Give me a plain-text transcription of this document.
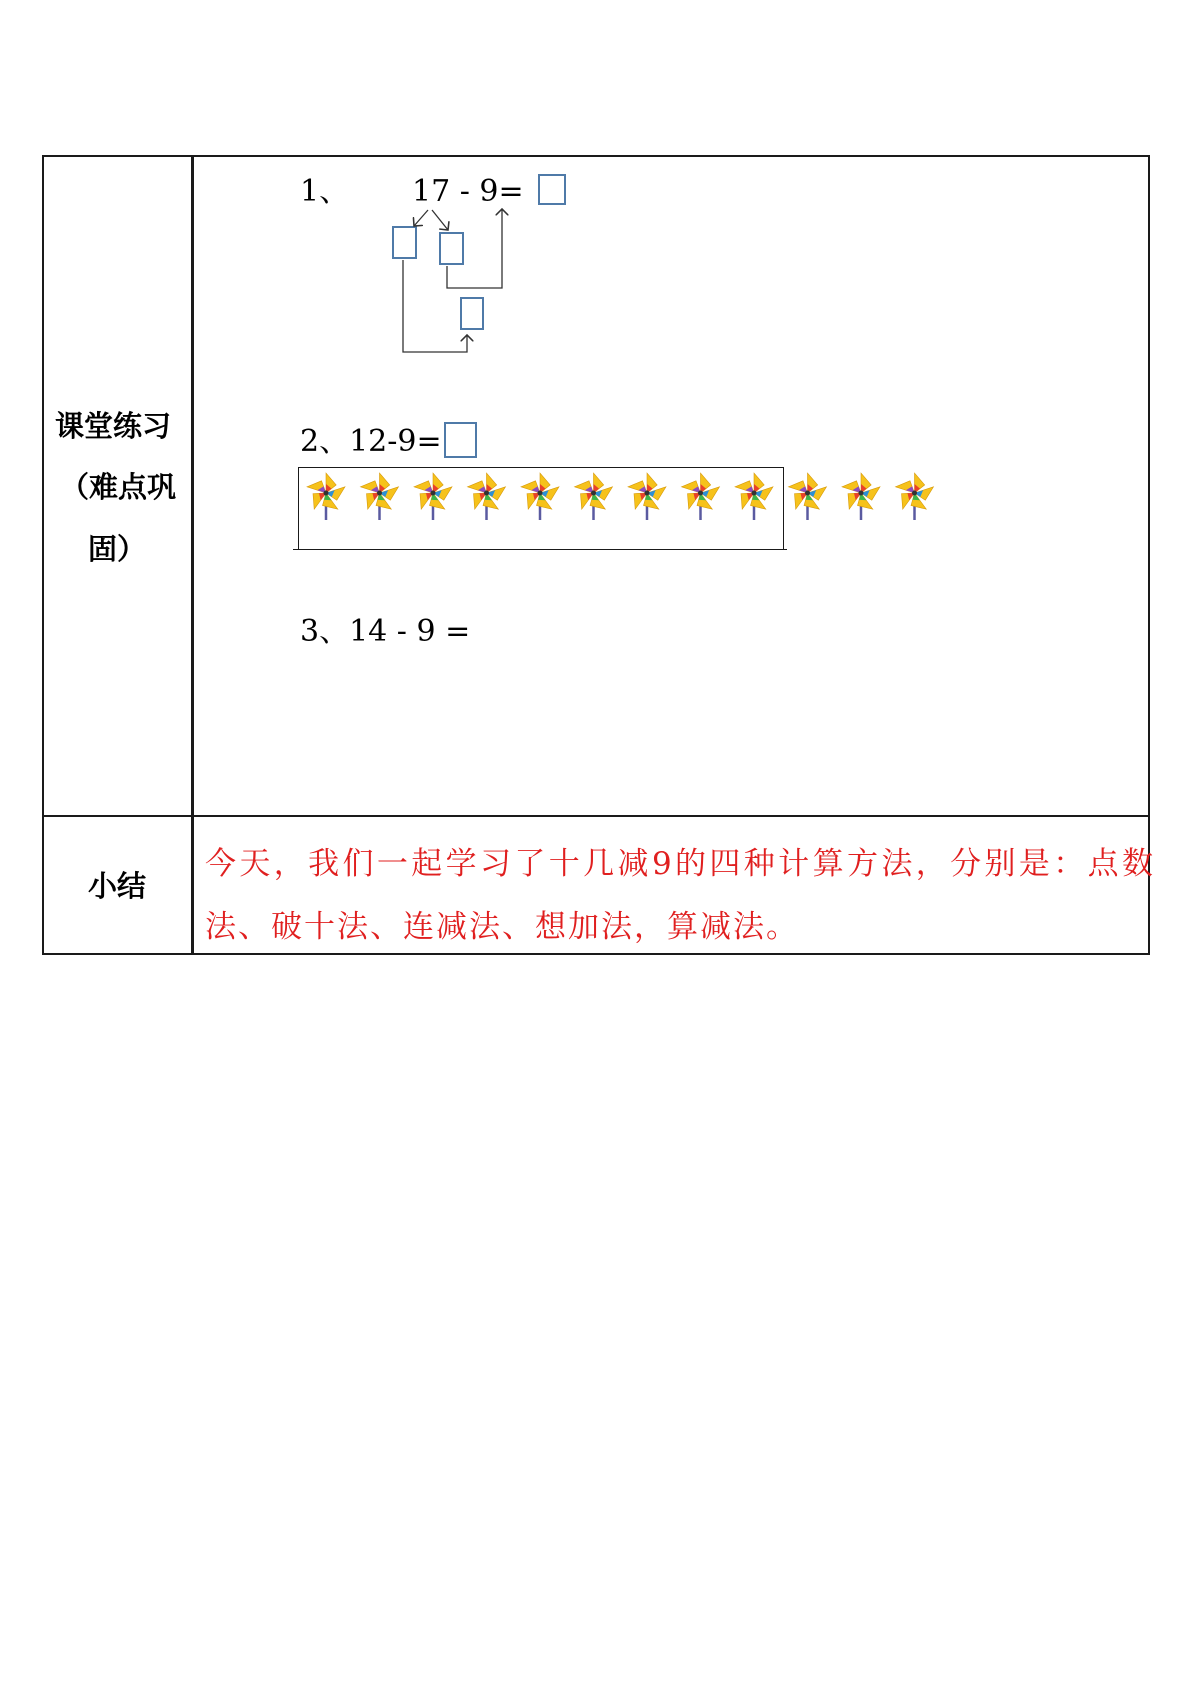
课堂练习
（难点巩
固）
小结
1、 17 - 9=
2、12-9=
3、14 - 9 =
今天，我们一起学习了十几减9的四种计算方法，分别是：点数法、破十法、连减法、想加法，算减法。
